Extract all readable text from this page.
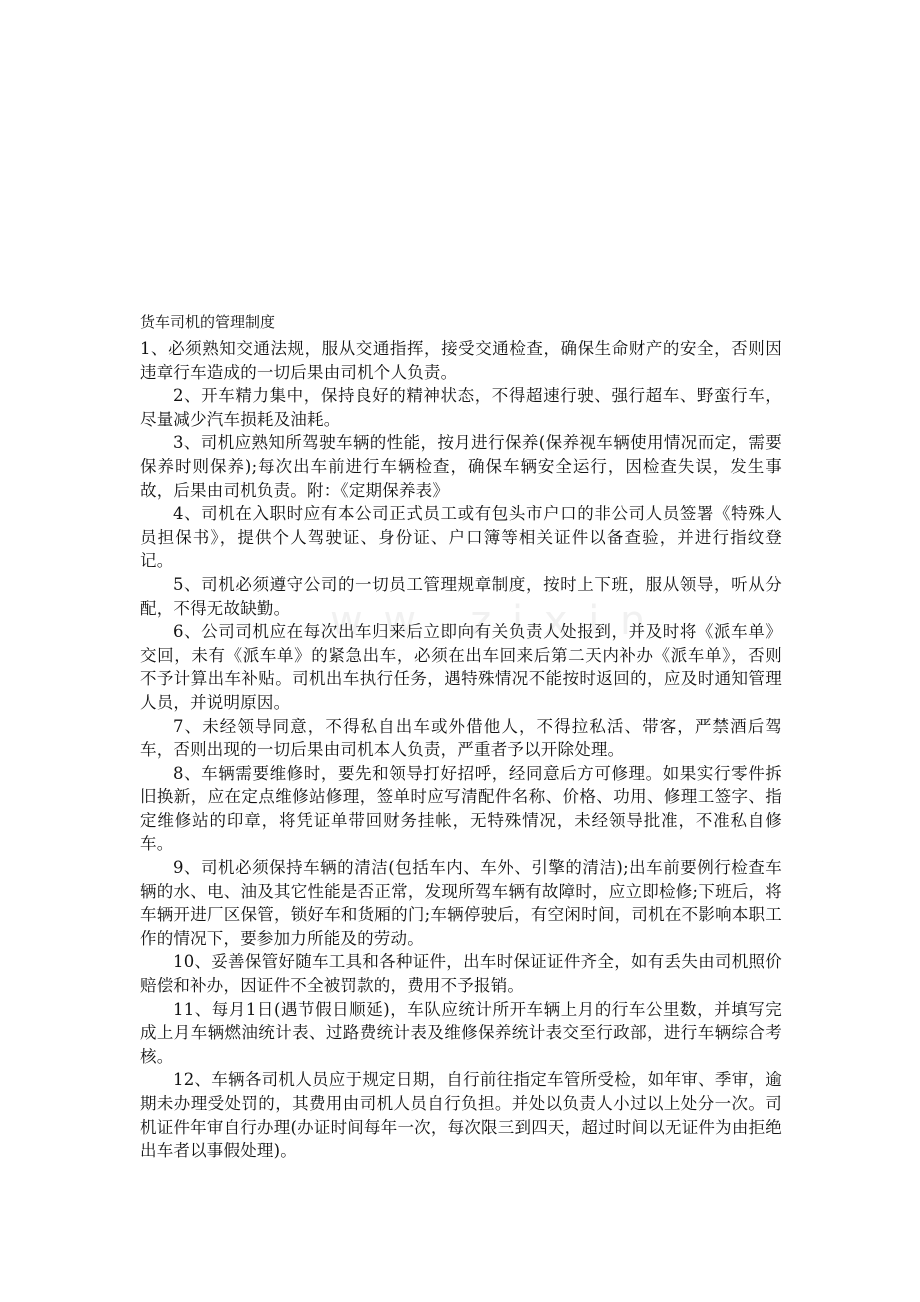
w w . z i x i n
货车司机的管理制度

1、必须熟知交通法规，服从交通指挥，接受交通检查，确保生命财产的安全，否则因违章行车造成的一切后果由司机个人负责。

2、开车精力集中，保持良好的精神状态，不得超速行驶、强行超车、野蛮行车，尽量减少汽车损耗及油耗。

3、司机应熟知所驾驶车辆的性能，按月进行保养(保养视车辆使用情况而定，需要保养时则保养);每次出车前进行车辆检查，确保车辆安全运行，因检查失误，发生事故，后果由司机负责。附：《定期保养表》

4、司机在入职时应有本公司正式员工或有包头市户口的非公司人员签署《特殊人员担保书》，提供个人驾驶证、身份证、户口簿等相关证件以备查验，并进行指纹登记。

5、司机必须遵守公司的一切员工管理规章制度，按时上下班，服从领导，听从分配，不得无故缺勤。

6、公司司机应在每次出车归来后立即向有关负责人处报到，并及时将《派车单》交回，未有《派车单》的紧急出车，必须在出车回来后第二天内补办《派车单》，否则不予计算出车补贴。司机出车执行任务，遇特殊情况不能按时返回的，应及时通知管理人员，并说明原因。

7、未经领导同意，不得私自出车或外借他人，不得拉私活、带客，严禁酒后驾车，否则出现的一切后果由司机本人负责，严重者予以开除处理。

8、车辆需要维修时，要先和领导打好招呼，经同意后方可修理。如果实行零件拆旧换新，应在定点维修站修理，签单时应写清配件名称、价格、功用、修理工签字、指定维修站的印章，将凭证单带回财务挂帐，无特殊情况，未经领导批准，不准私自修车。

9、司机必须保持车辆的清洁(包括车内、车外、引擎的清洁);出车前要例行检查车辆的水、电、油及其它性能是否正常，发现所驾车辆有故障时，应立即检修;下班后，将车辆开进厂区保管，锁好车和货厢的门;车辆停驶后，有空闲时间，司机在不影响本职工作的情况下，要参加力所能及的劳动。

10、妥善保管好随车工具和各种证件，出车时保证证件齐全，如有丢失由司机照价赔偿和补办，因证件不全被罚款的，费用不予报销。

11、每月1日(遇节假日顺延)，车队应统计所开车辆上月的行车公里数，并填写完成上月车辆燃油统计表、过路费统计表及维修保养统计表交至行政部，进行车辆综合考核。

12、车辆各司机人员应于规定日期，自行前往指定车管所受检，如年审、季审，逾期未办理受处罚的，其费用由司机人员自行负担。并处以负责人小过以上处分一次。司机证件年审自行办理(办证时间每年一次，每次限三到四天，超过时间以无证件为由拒绝出车者以事假处理)。
